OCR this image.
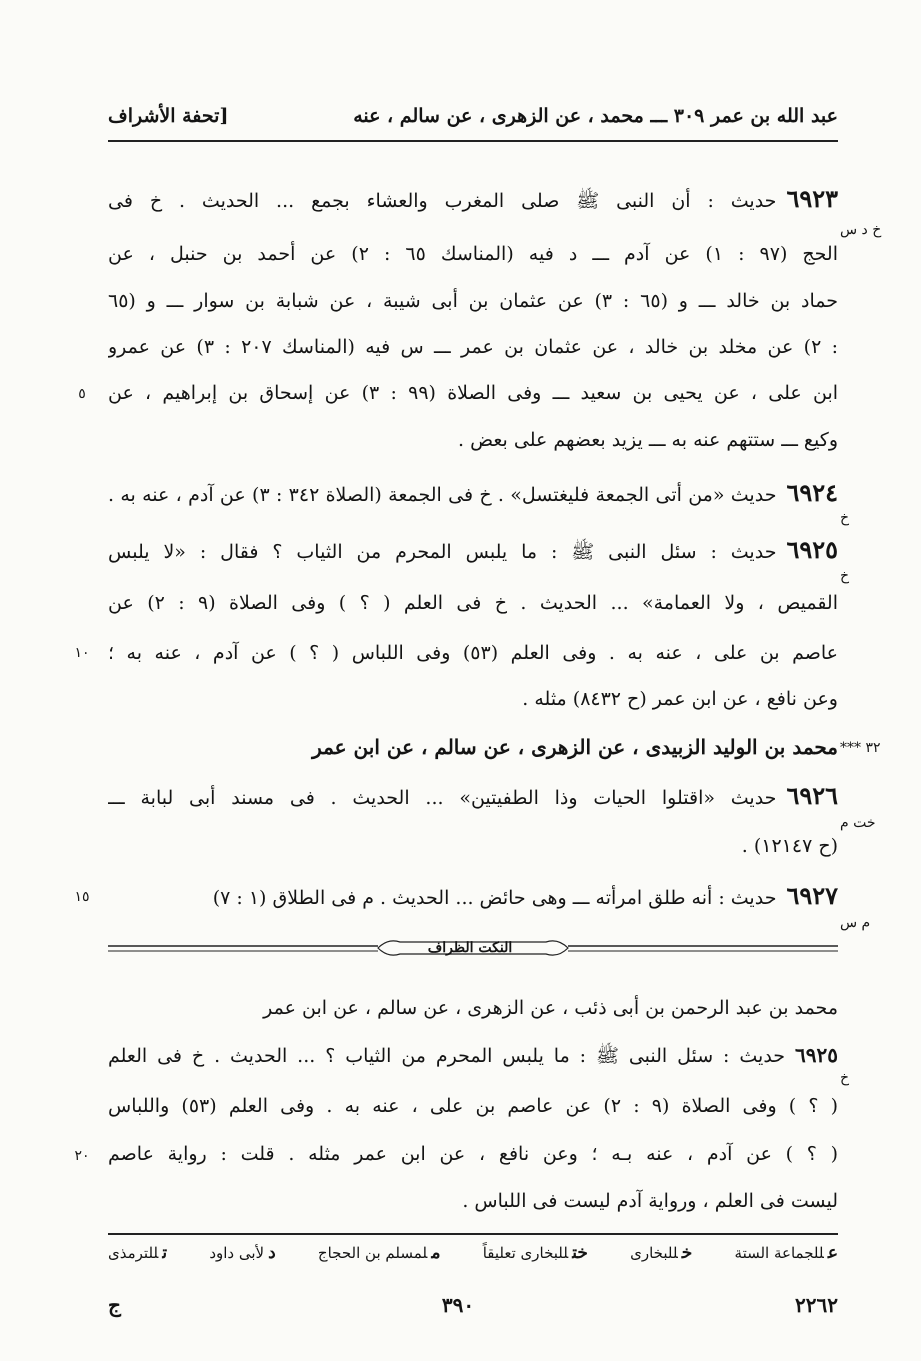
عبد الله بن عمر ٣٠٩ ـــ محمد ، عن الزهرى ، عن سالم ، عنه
[تحفة الأشراف
خ د س
٦٩٢٣حديث : أن النبى ﷺ صلى المغرب والعشاء بجمع ... الحديث . خ فى
الحج (٩٧ : ١) عن آدم ـــ د فيه (المناسك ٦٥ : ٢) عن أحمد بن حنبل ، عن
حماد بن خالد ـــ و (٦٥ : ٣) عن عثمان بن أبى شيبة ، عن شبابة بن سوار ـــ و (٦٥
: ٢) عن مخلد بن خالد ، عن عثمان بن عمر ـــ س فيه (المناسك ٢٠٧ : ٣) عن عمرو
ابن على ، عن يحيى بن سعيد ـــ وفى الصلاة (٩٩ : ٣) عن إسحاق بن إبراهيم ، عن
٥
وكيع ـــ ستتهم عنه به ـــ يزيد بعضهم على بعض .
٦٩٢٤حديث «من أتى الجمعة فليغتسل» . خ فى الجمعة (الصلاة ٣٤٢ : ٣) عن آدم ، عنه به .
خ
٦٩٢٥حديث : سئل النبى ﷺ : ما يلبس المحرم من الثياب ؟ فقال : «لا يلبس
خ
القميص ، ولا العمامة» ... الحديث . خ فى العلم ( ؟ ) وفى الصلاة (٩ : ٢) عن
عاصم بن على ، عنه به . وفى العلم (٥٣) وفى اللباس ( ؟ ) عن آدم ، عنه به ؛
١٠
وعن نافع ، عن ابن عمر (ح ٨٤٣٢) مثله .
٣٢ ***
محمد بن الوليد الزبيدى ، عن الزهرى ، عن سالم ، عن ابن عمر
٦٩٢٦حديث «اقتلوا الحيات وذا الطفيتين» ... الحديث . فى مسند أبى لبابة ـــ
خت م
(ح ١٢١٤٧) .
٦٩٢٧حديث : أنه طلق امرأته ـــ وهى حائض ... الحديث . م فى الطلاق (١ : ٧)
م س
١٥
النكت الظراف
محمد بن عبد الرحمن بن أبى ذئب ، عن الزهرى ، عن سالم ، عن ابن عمر
٦٩٢٥حديث : سئل النبى ﷺ : ما يلبس المحرم من الثياب ؟ ... الحديث . خ فى العلم
خ
( ؟ ) وفى الصلاة (٩ : ٢) عن عاصم بن على ، عنه به . وفى العلم (٥٣) واللباس
( ؟ ) عن آدم ، عنه بـه ؛ وعن نافع ، عن ابن عمر مثله . قلت : رواية عاصم
٢٠
ليست فى العلم ، ورواية آدم ليست فى اللباس .
عللجماعة الستة
خللبخارى
ختللبخارى تعليقاً
ملمسلم بن الحجاج
دلأبى داود
تللترمذى
٢٢٦٢
٣٩٠
ج
